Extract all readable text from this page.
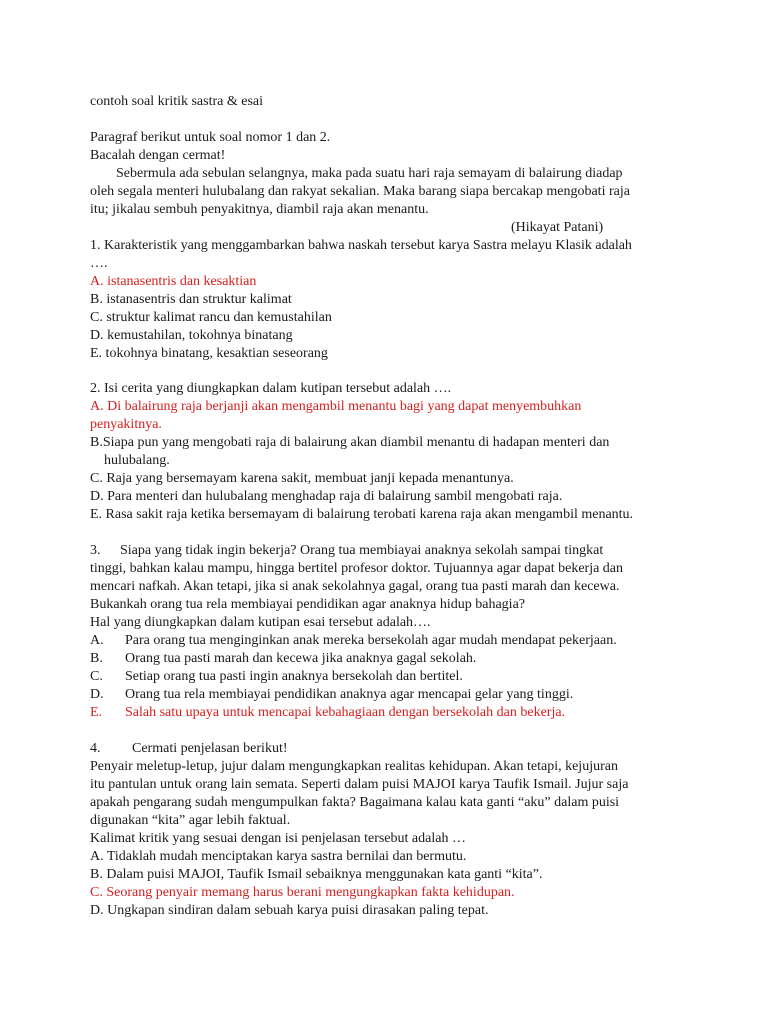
contoh soal kritik sastra & esai
Paragraf berikut untuk soal nomor 1 dan 2.
Bacalah dengan cermat!
Sebermula ada sebulan selangnya, maka pada suatu hari raja semayam di balairung diadap
oleh segala menteri hulubalang dan rakyat sekalian. Maka barang siapa bercakap mengobati raja
itu; jikalau sembuh penyakitnya, diambil raja akan menantu.
(Hikayat Patani)
1. Karakteristik yang menggambarkan bahwa naskah tersebut karya Sastra melayu Klasik adalah
….
A. istanasentris dan kesaktian
B. istanasentris dan struktur kalimat
C. struktur kalimat rancu dan kemustahilan
D. kemustahilan, tokohnya binatang
E. tokohnya binatang, kesaktian seseorang
2. Isi cerita yang diungkapkan dalam kutipan tersebut adalah ….
A. Di balairung raja berjanji akan mengambil menantu bagi yang dapat menyembuhkan
penyakitnya.
B.Siapa pun yang mengobati raja di balairung akan diambil menantu di hadapan menteri dan
hulubalang.
C. Raja yang bersemayam karena sakit, membuat janji kepada menantunya.
D. Para menteri dan hulubalang menghadap raja di balairung sambil mengobati raja.
E. Rasa sakit raja ketika bersemayam di balairung terobati karena raja akan mengambil menantu.
3. Siapa yang tidak ingin bekerja? Orang tua membiayai anaknya sekolah sampai tingkat
tinggi, bahkan kalau mampu, hingga bertitel profesor doktor. Tujuannya agar dapat bekerja dan
mencari nafkah. Akan tetapi, jika si anak sekolahnya gagal, orang tua pasti marah dan kecewa.
Bukankah orang tua rela membiayai pendidikan agar anaknya hidup bahagia?
Hal yang diungkapkan dalam kutipan esai tersebut adalah….
A. Para orang tua menginginkan anak mereka bersekolah agar mudah mendapat pekerjaan.
B. Orang tua pasti marah dan kecewa jika anaknya gagal sekolah.
C. Setiap orang tua pasti ingin anaknya bersekolah dan bertitel.
D. Orang tua rela membiayai pendidikan anaknya agar mencapai gelar yang tinggi.
E. Salah satu upaya untuk mencapai kebahagiaan dengan bersekolah dan bekerja.
4. Cermati penjelasan berikut!
Penyair meletup-letup, jujur dalam mengungkapkan realitas kehidupan. Akan tetapi, kejujuran
itu pantulan untuk orang lain semata. Seperti dalam puisi MAJOI karya Taufik Ismail. Jujur saja
apakah pengarang sudah mengumpulkan fakta? Bagaimana kalau kata ganti “aku” dalam puisi
digunakan “kita” agar lebih faktual.
Kalimat kritik yang sesuai dengan isi penjelasan tersebut adalah …
A. Tidaklah mudah menciptakan karya sastra bernilai dan bermutu.
B. Dalam puisi MAJOI, Taufik Ismail sebaiknya menggunakan kata ganti “kita”.
C. Seorang penyair memang harus berani mengungkapkan fakta kehidupan.
D. Ungkapan sindiran dalam sebuah karya puisi dirasakan paling tepat.
